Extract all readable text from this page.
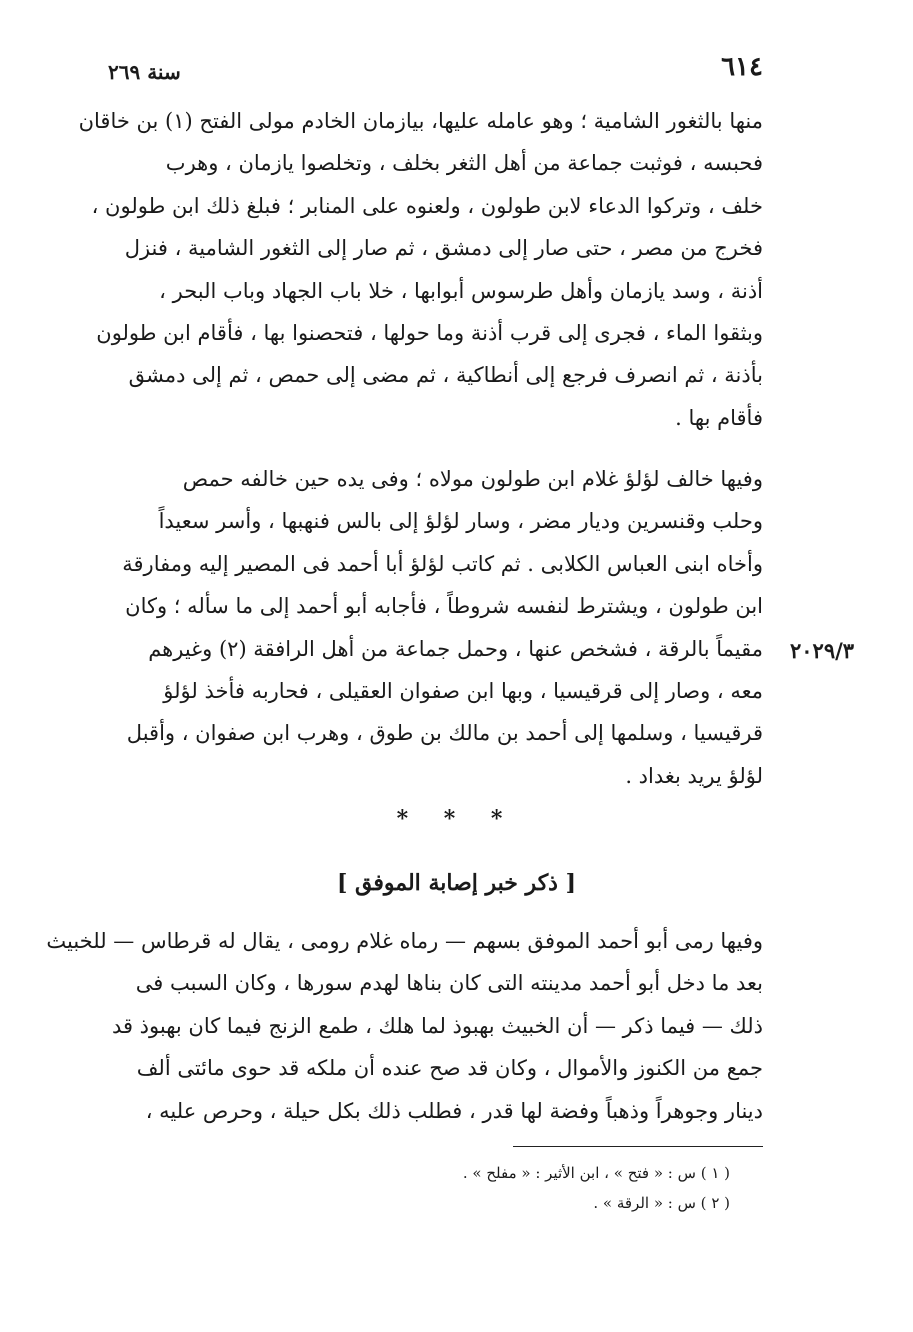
٦١٤
سنة ٢٦٩
منها بالثغور الشامية ؛ وهو عامله عليها، بيازمان الخادم مولى الفتح (١) بن خاقان
فحبسه ، فوثبت جماعة من أهل الثغر بخلف ، وتخلصوا يازمان ، وهرب
خلف ، وتركوا الدعاء لابن طولون ، ولعنوه على المنابر ؛ فبلغ ذلك ابن طولون ،
فخرج من مصر ، حتى صار إلى دمشق ، ثم صار إلى الثغور الشامية ، فنزل
أذنة ، وسد يازمان وأهل طرسوس أبوابها ، خلا باب الجهاد وباب البحر ،
وبثقوا الماء ، فجرى إلى قرب أذنة وما حولها ، فتحصنوا بها ، فأقام ابن طولون
بأذنة ، ثم انصرف فرجع إلى أنطاكية ، ثم مضى إلى حمص ، ثم إلى دمشق
فأقام بها .
وفيها خالف لؤلؤ غلام ابن طولون مولاه ؛ وفى يده حين خالفه حمص
وحلب وقنسرين وديار مضر ، وسار لؤلؤ إلى بالس فنهبها ، وأسر سعيداً
وأخاه ابنى العباس الكلابى . ثم كاتب لؤلؤ أبا أحمد فى المصير إليه ومفارقة
ابن طولون ، ويشترط لنفسه شروطاً ، فأجابه أبو أحمد إلى ما سأله ؛ وكان
مقيماً بالرقة ، فشخص عنها ، وحمل جماعة من أهل الرافقة (٢) وغيرهم
معه ، وصار إلى قرقيسيا ، وبها ابن صفوان العقيلى ، فحاربه فأخذ لؤلؤ
قرقيسيا ، وسلمها إلى أحمد بن مالك بن طوق ، وهرب ابن صفوان ، وأقبل
لؤلؤ يريد بغداد .
٢٠٢٩/٣
* * *
[ ذكر خبر إصابة الموفق ]
وفيها رمى أبو أحمد الموفق بسهم — رماه غلام رومى ، يقال له قرطاس — للخبيث
بعد ما دخل أبو أحمد مدينته التى كان بناها لهدم سورها ، وكان السبب فى
ذلك — فيما ذكر — أن الخبيث بهبوذ لما هلك ، طمع الزنج فيما كان بهبوذ قد
جمع من الكنوز والأموال ، وكان قد صح عنده أن ملكه قد حوى مائتى ألف
دينار وجوهراً وذهباً وفضة لها قدر ، فطلب ذلك بكل حيلة ، وحرص عليه ،
( ١ ) س : « فتح » ، ابن الأثير : « مفلح » .
( ٢ ) س : « الرقة » .
